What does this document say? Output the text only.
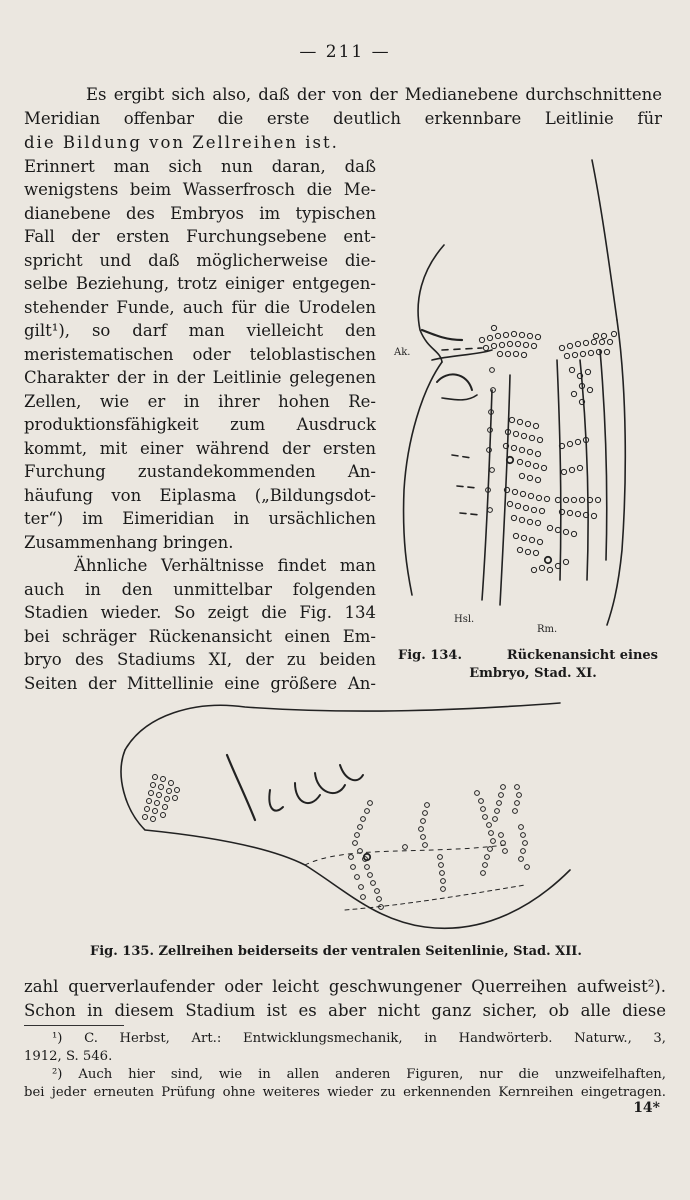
— 211 —
Es ergibt sich also, daß der von der Medianebene durchschnittene
Meridian offenbar die erste deutlich erkennbare Leitlinie für
die Bildung von Zellreihen ist.
Erinnert man sich nun daran, daß
wenigstens beim Wasserfrosch die Me-
dianebene des Embryos im typischen
Fall der ersten Furchungsebene ent-
spricht und daß möglicherweise die-
selbe Beziehung, trotz einiger entgegen-
stehender Funde, auch für die Urodelen
gilt¹), so darf man vielleicht den
meristematischen oder teloblastischen
Charakter der in der Leitlinie gelegenen
Zellen, wie er in ihrer hohen Re-
produktionsfähigkeit zum Ausdruck
kommt, mit einer während der ersten
Furchung zustandekommenden An-
häufung von Eiplasma („Bildungsdot-
ter“) im Eimeridian in ursächlichen
Zusammenhang bringen.
Ähnliche Verhältnisse findet man
auch in den unmittelbar folgenden
Stadien wieder. So zeigt die Fig. 134
bei schräger Rückenansicht einen Em-
bryo des Stadiums XI, der zu beiden
Seiten der Mittellinie eine größere An-
Ak.
Hsl.
Rm.
Fig. 134.	Rückenansicht eines
Embryo, Stad. XI.
Fig. 135. Zellreihen beiderseits der ventralen Seitenlinie, Stad. XII.
zahl querverlaufender oder leicht geschwungener Querreihen aufweist²).
Schon in diesem Stadium ist es aber nicht ganz sicher, ob alle diese
¹) C. Herbst, Art.: Entwicklungsmechanik, in Handwörterb. Naturw., 3,
1912, S. 546.
²) Auch hier sind, wie in allen anderen Figuren, nur die unzweifelhaften,
bei jeder erneuten Prüfung ohne weiteres wieder zu erkennenden Kernreihen eingetragen.
14*
